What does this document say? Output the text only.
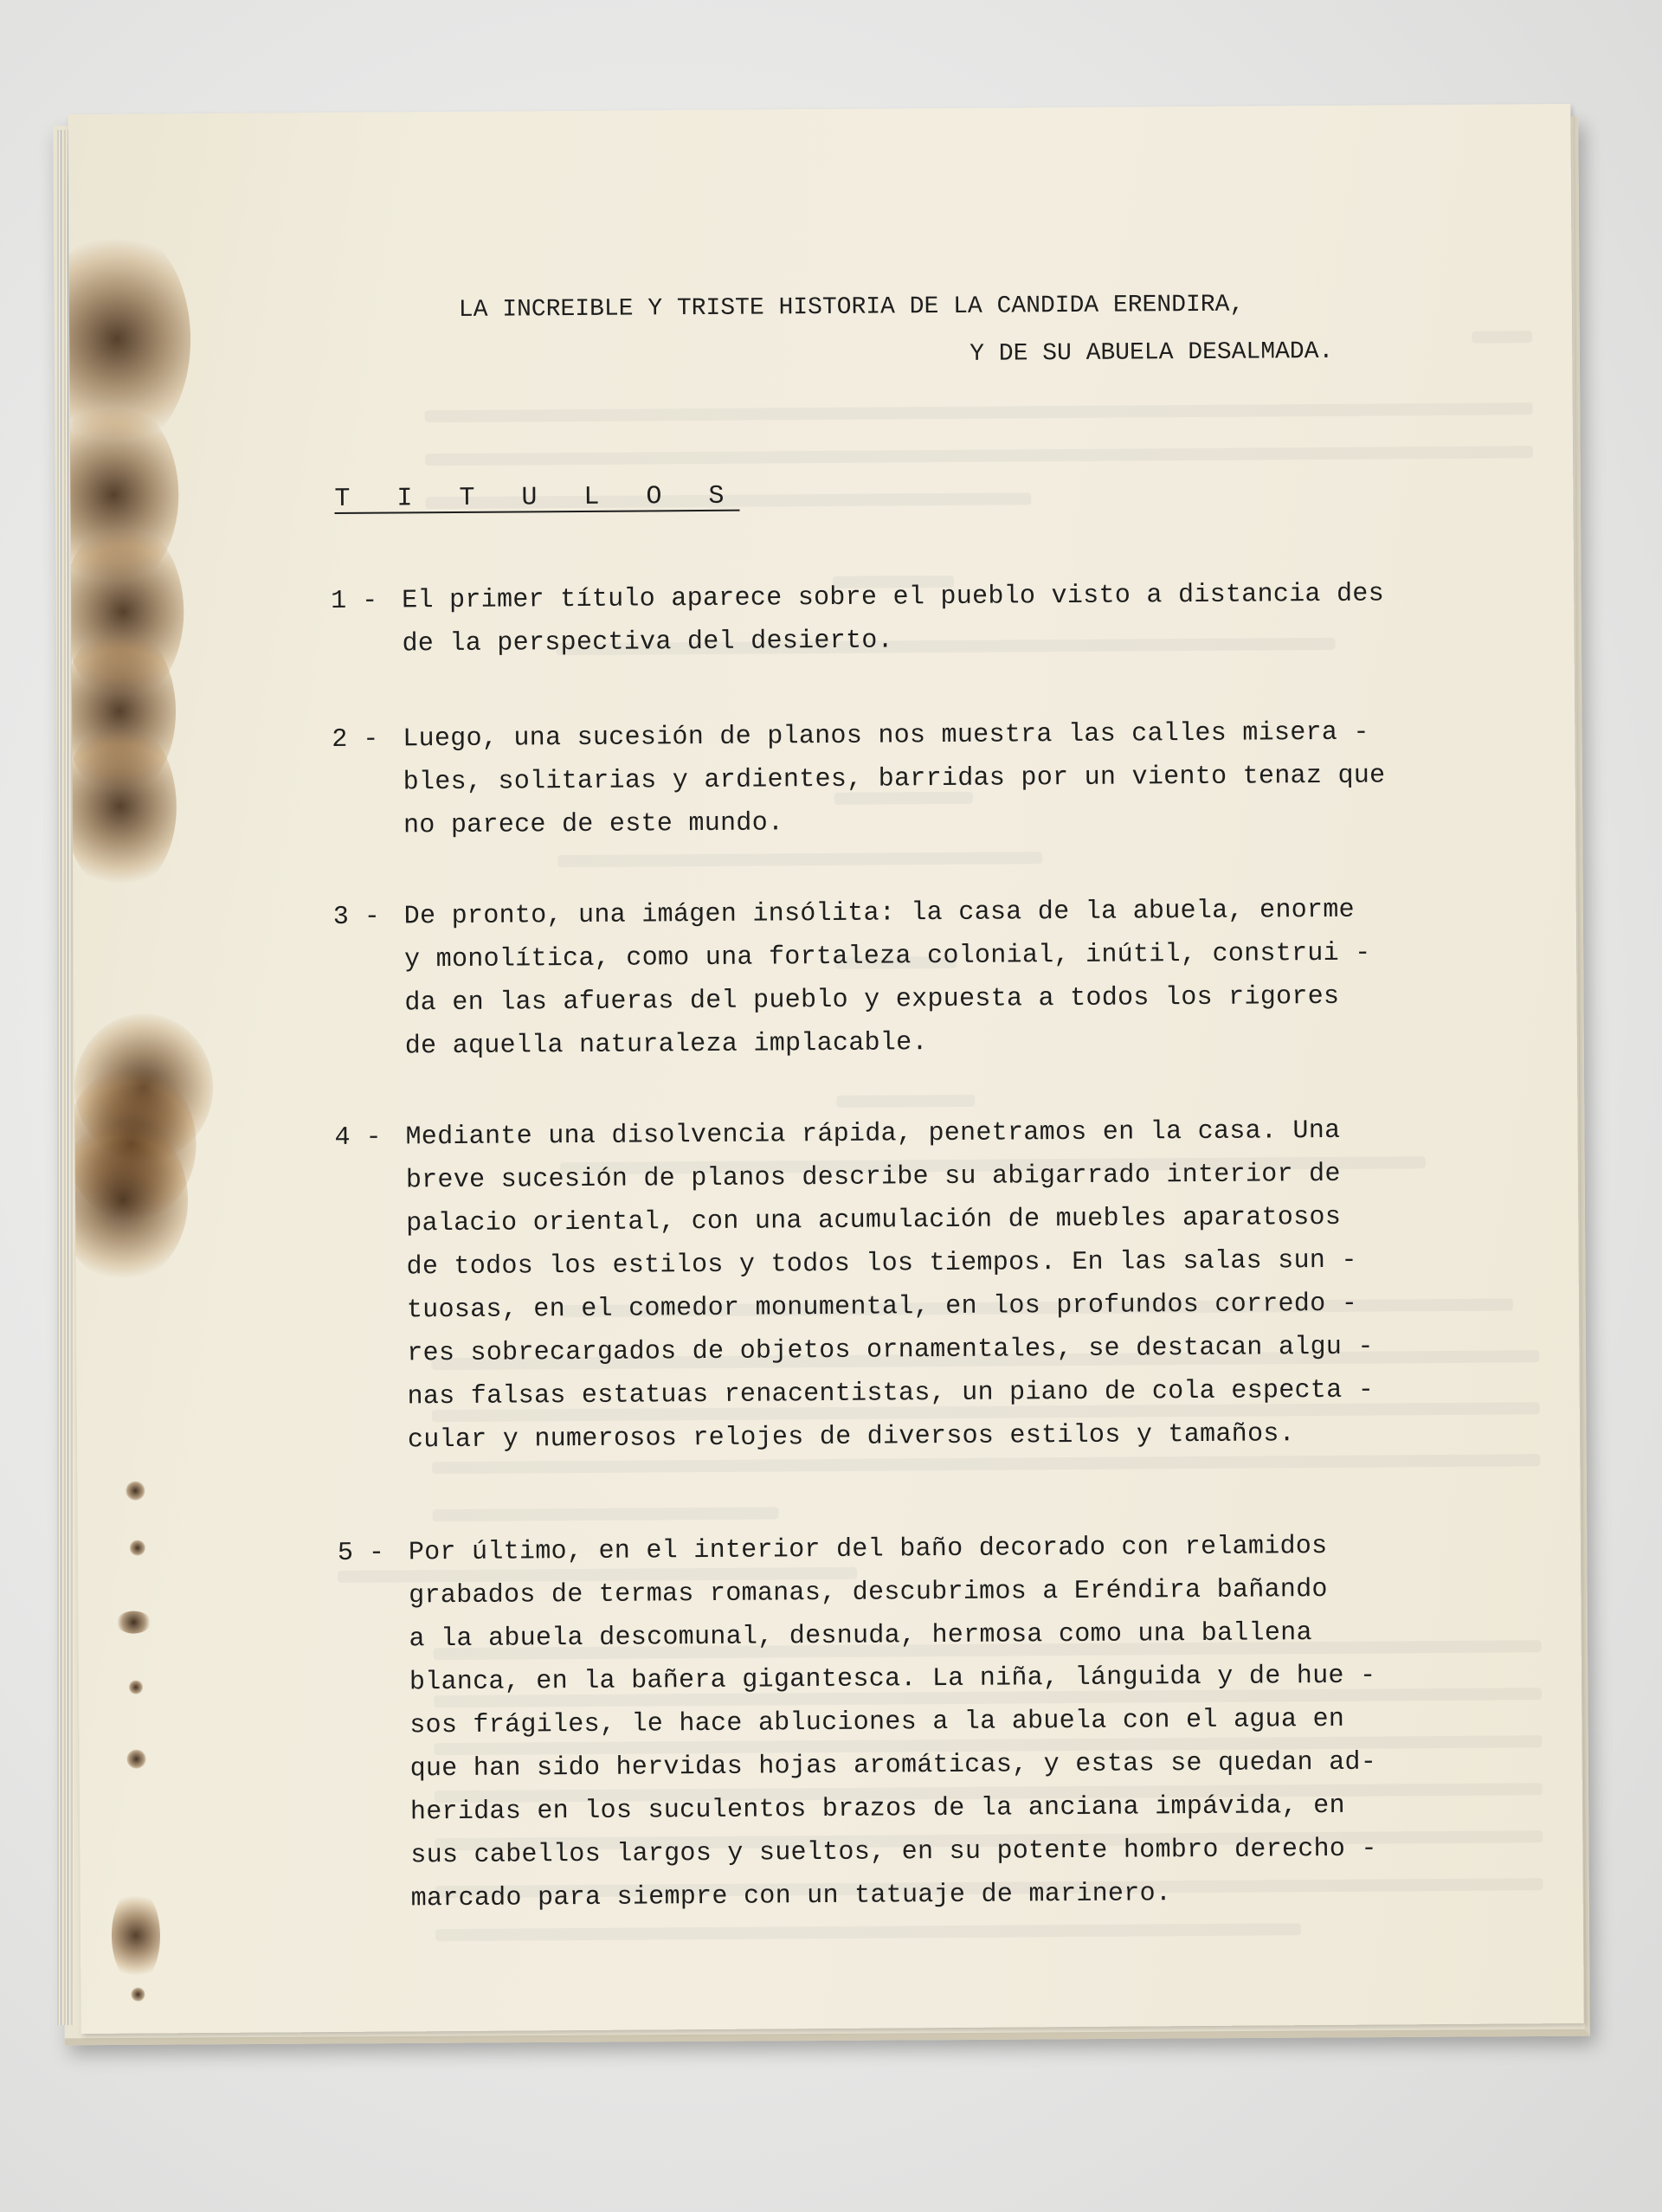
LA INCREIBLE Y TRISTE HISTORIA DE LA CANDIDA ERENDIRA,
Y DE SU ABUELA DESALMADA.
T I T U L O S
1 - El primer título aparece sobre el pueblo visto a distancia des
de la perspectiva del desierto.
2 - Luego, una sucesión de planos nos muestra las calles misera -
bles, solitarias y ardientes, barridas por un viento tenaz que
no parece de este mundo.
3 - De pronto, una imágen insólita: la casa de la abuela, enorme
y monolítica, como una fortaleza colonial, inútil, construi -
da en las afueras del pueblo y expuesta a todos los rigores
de aquella naturaleza implacable.
4 - Mediante una disolvencia rápida, penetramos en la casa. Una
breve sucesión de planos describe su abigarrado interior de
palacio oriental, con una acumulación de muebles aparatosos
de todos los estilos y todos los tiempos. En las salas sun -
tuosas, en el comedor monumental, en los profundos corredo -
res sobrecargados de objetos ornamentales, se destacan algu -
nas falsas estatuas renacentistas, un piano de cola especta -
cular y numerosos relojes de diversos estilos y tamaños.
5 - Por último, en el interior del baño decorado con relamidos
grabados de termas romanas, descubrimos a Eréndira bañando
a la abuela descomunal, desnuda, hermosa como una ballena
blanca, en la bañera gigantesca. La niña, lánguida y de hue -
sos frágiles, le hace abluciones a la abuela con el agua en
que han sido hervidas hojas aromáticas, y estas se quedan ad-
heridas en los suculentos brazos de la anciana impávida, en
sus cabellos largos y sueltos, en su potente hombro derecho -
marcado para siempre con un tatuaje de marinero.
